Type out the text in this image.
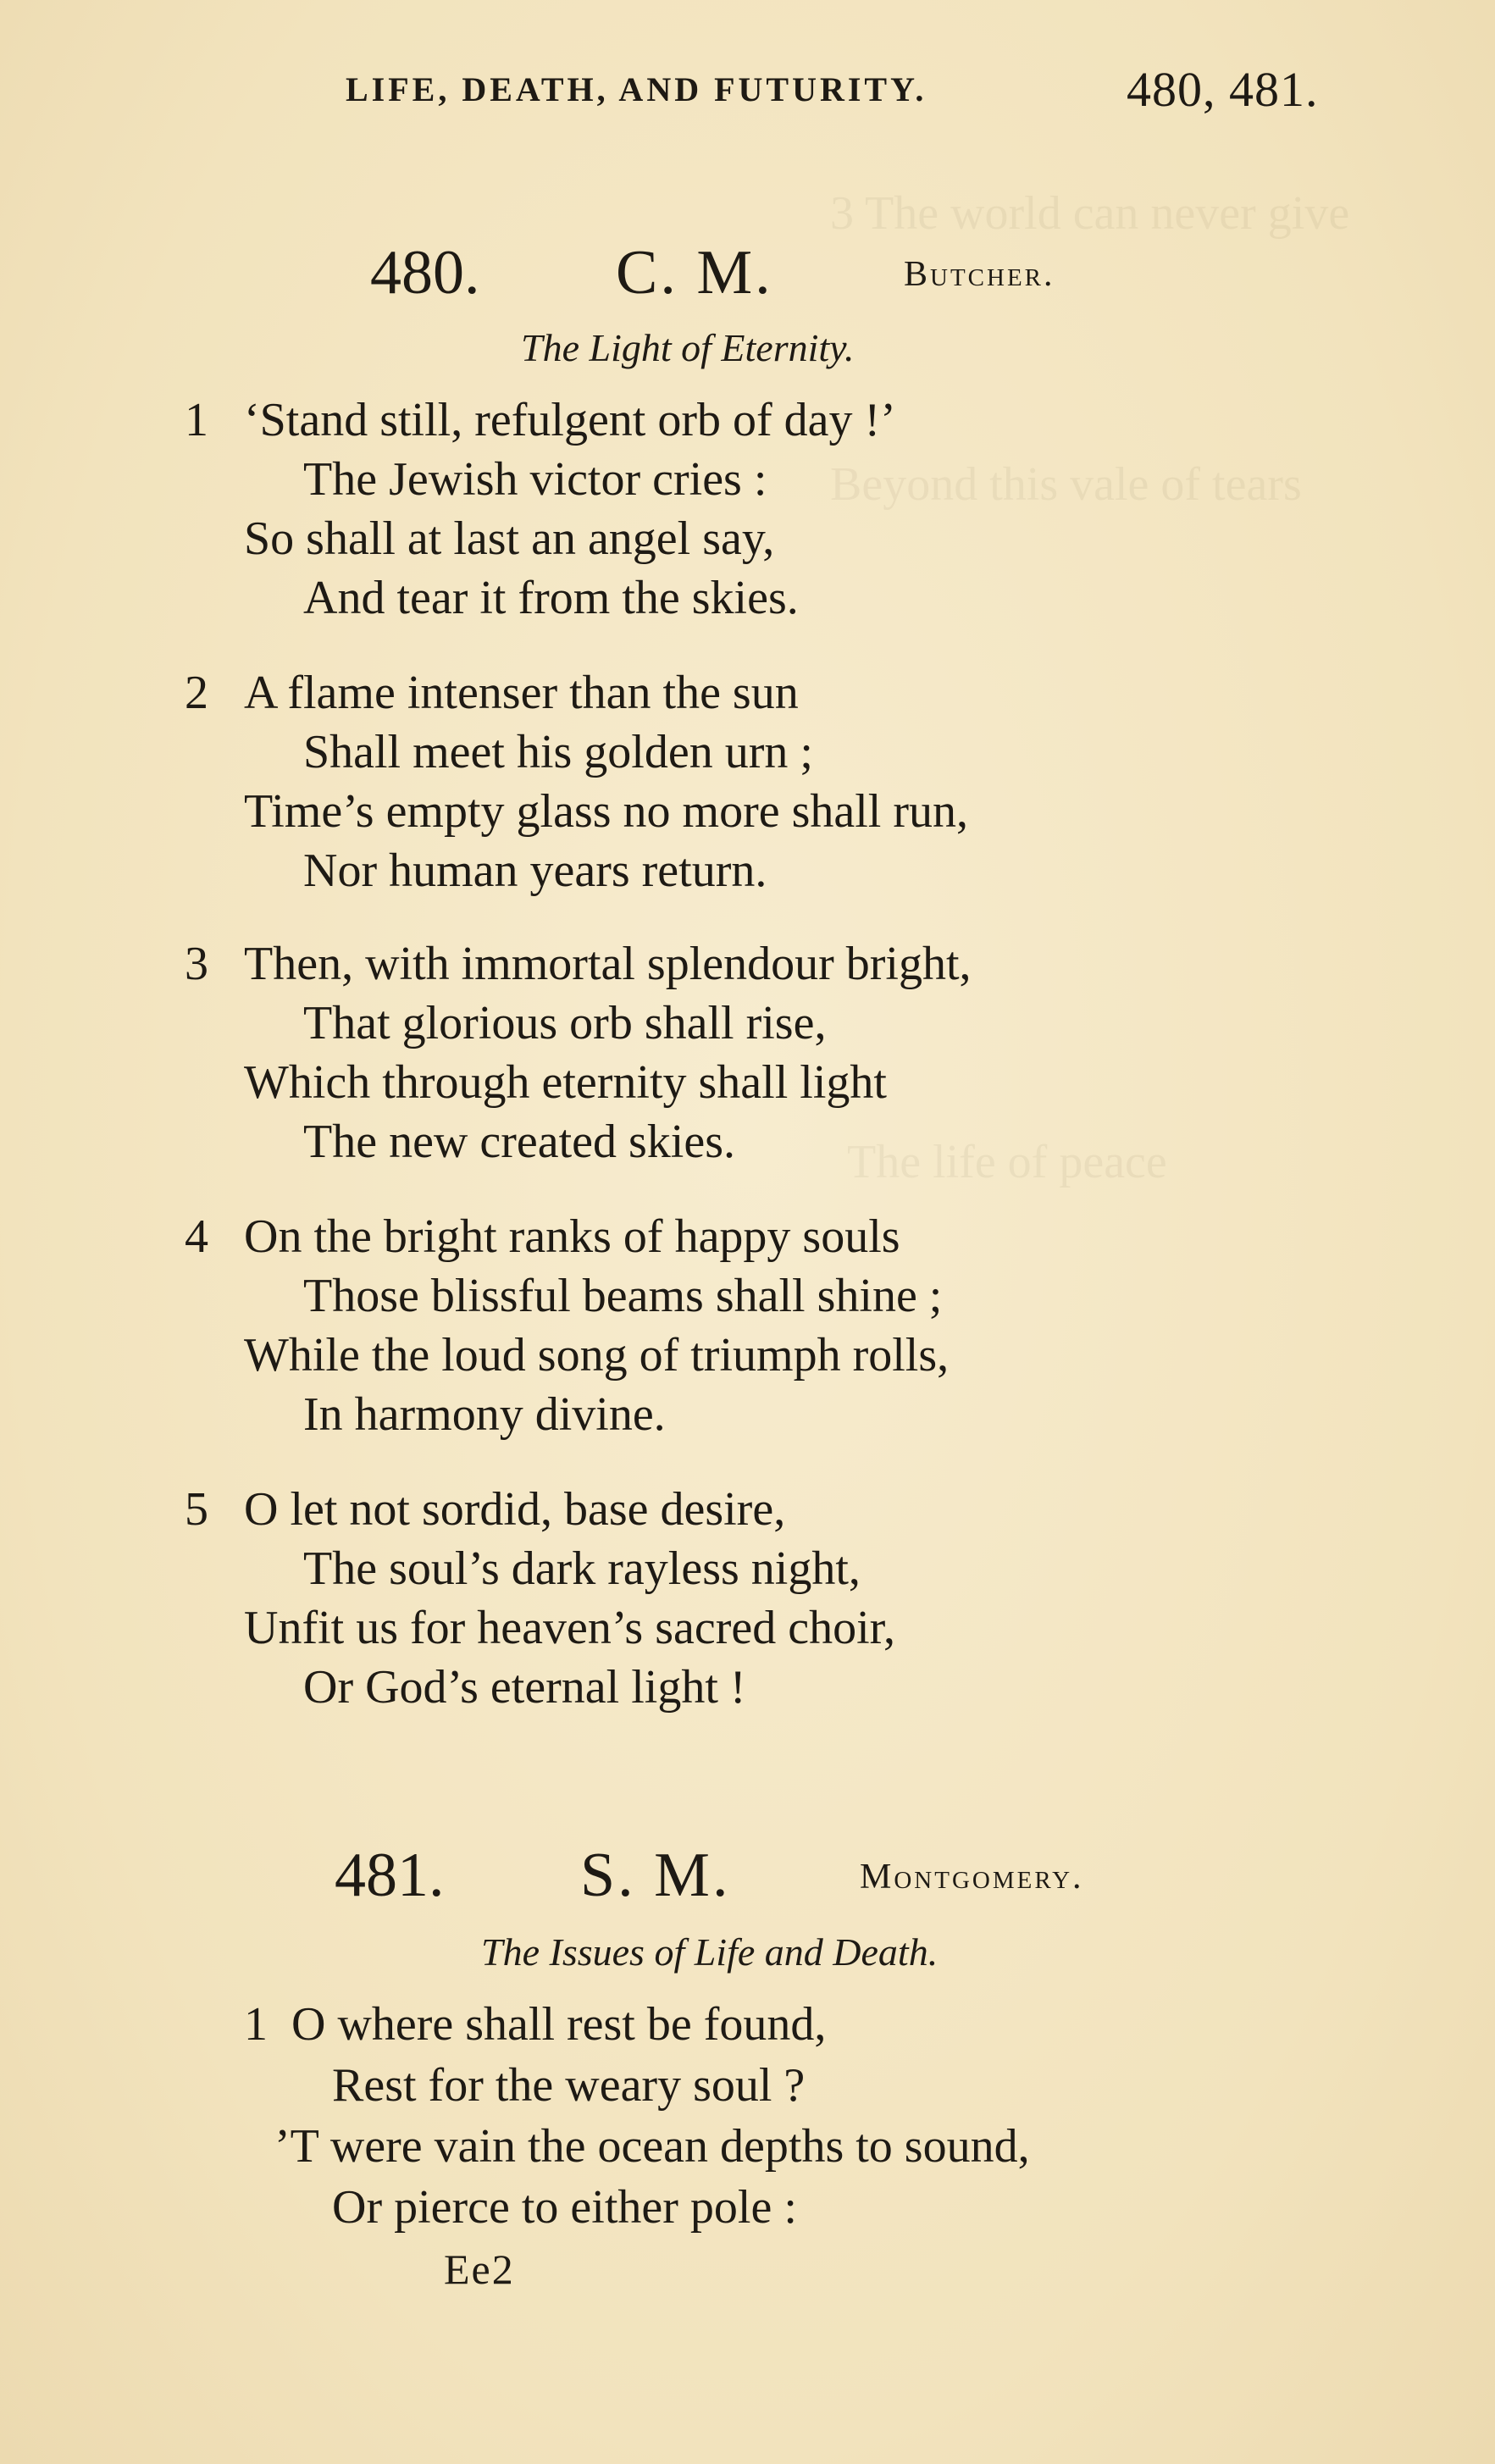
3 The world can never give
Beyond this vale of tears
The life of peace
LIFE, DEATH, AND FUTURITY.	480, 481.
480. C. M.	Butcher.
The Light of Eternity.
1 ‘Stand still, refulgent orb of day !’
The Jewish victor cries :
So shall at last an angel say,
And tear it from the skies.
2 A flame intenser than the sun
Shall meet his golden urn ;
Time’s empty glass no more shall run,
Nor human years return.
3 Then, with immortal splendour bright,
That glorious orb shall rise,
Which through eternity shall light
The new created skies.
4 On the bright ranks of happy souls
Those blissful beams shall shine ;
While the loud song of triumph rolls,
In harmony divine.
5 O let not sordid, base desire,
The soul’s dark rayless night,
Unfit us for heaven’s sacred choir,
Or God’s eternal light !
481. S. M.	Montgomery.
The Issues of Life and Death.
1 O where shall rest be found,
Rest for the weary soul ?
’T were vain the ocean depths to sound,
Or pierce to either pole :
Ee2
